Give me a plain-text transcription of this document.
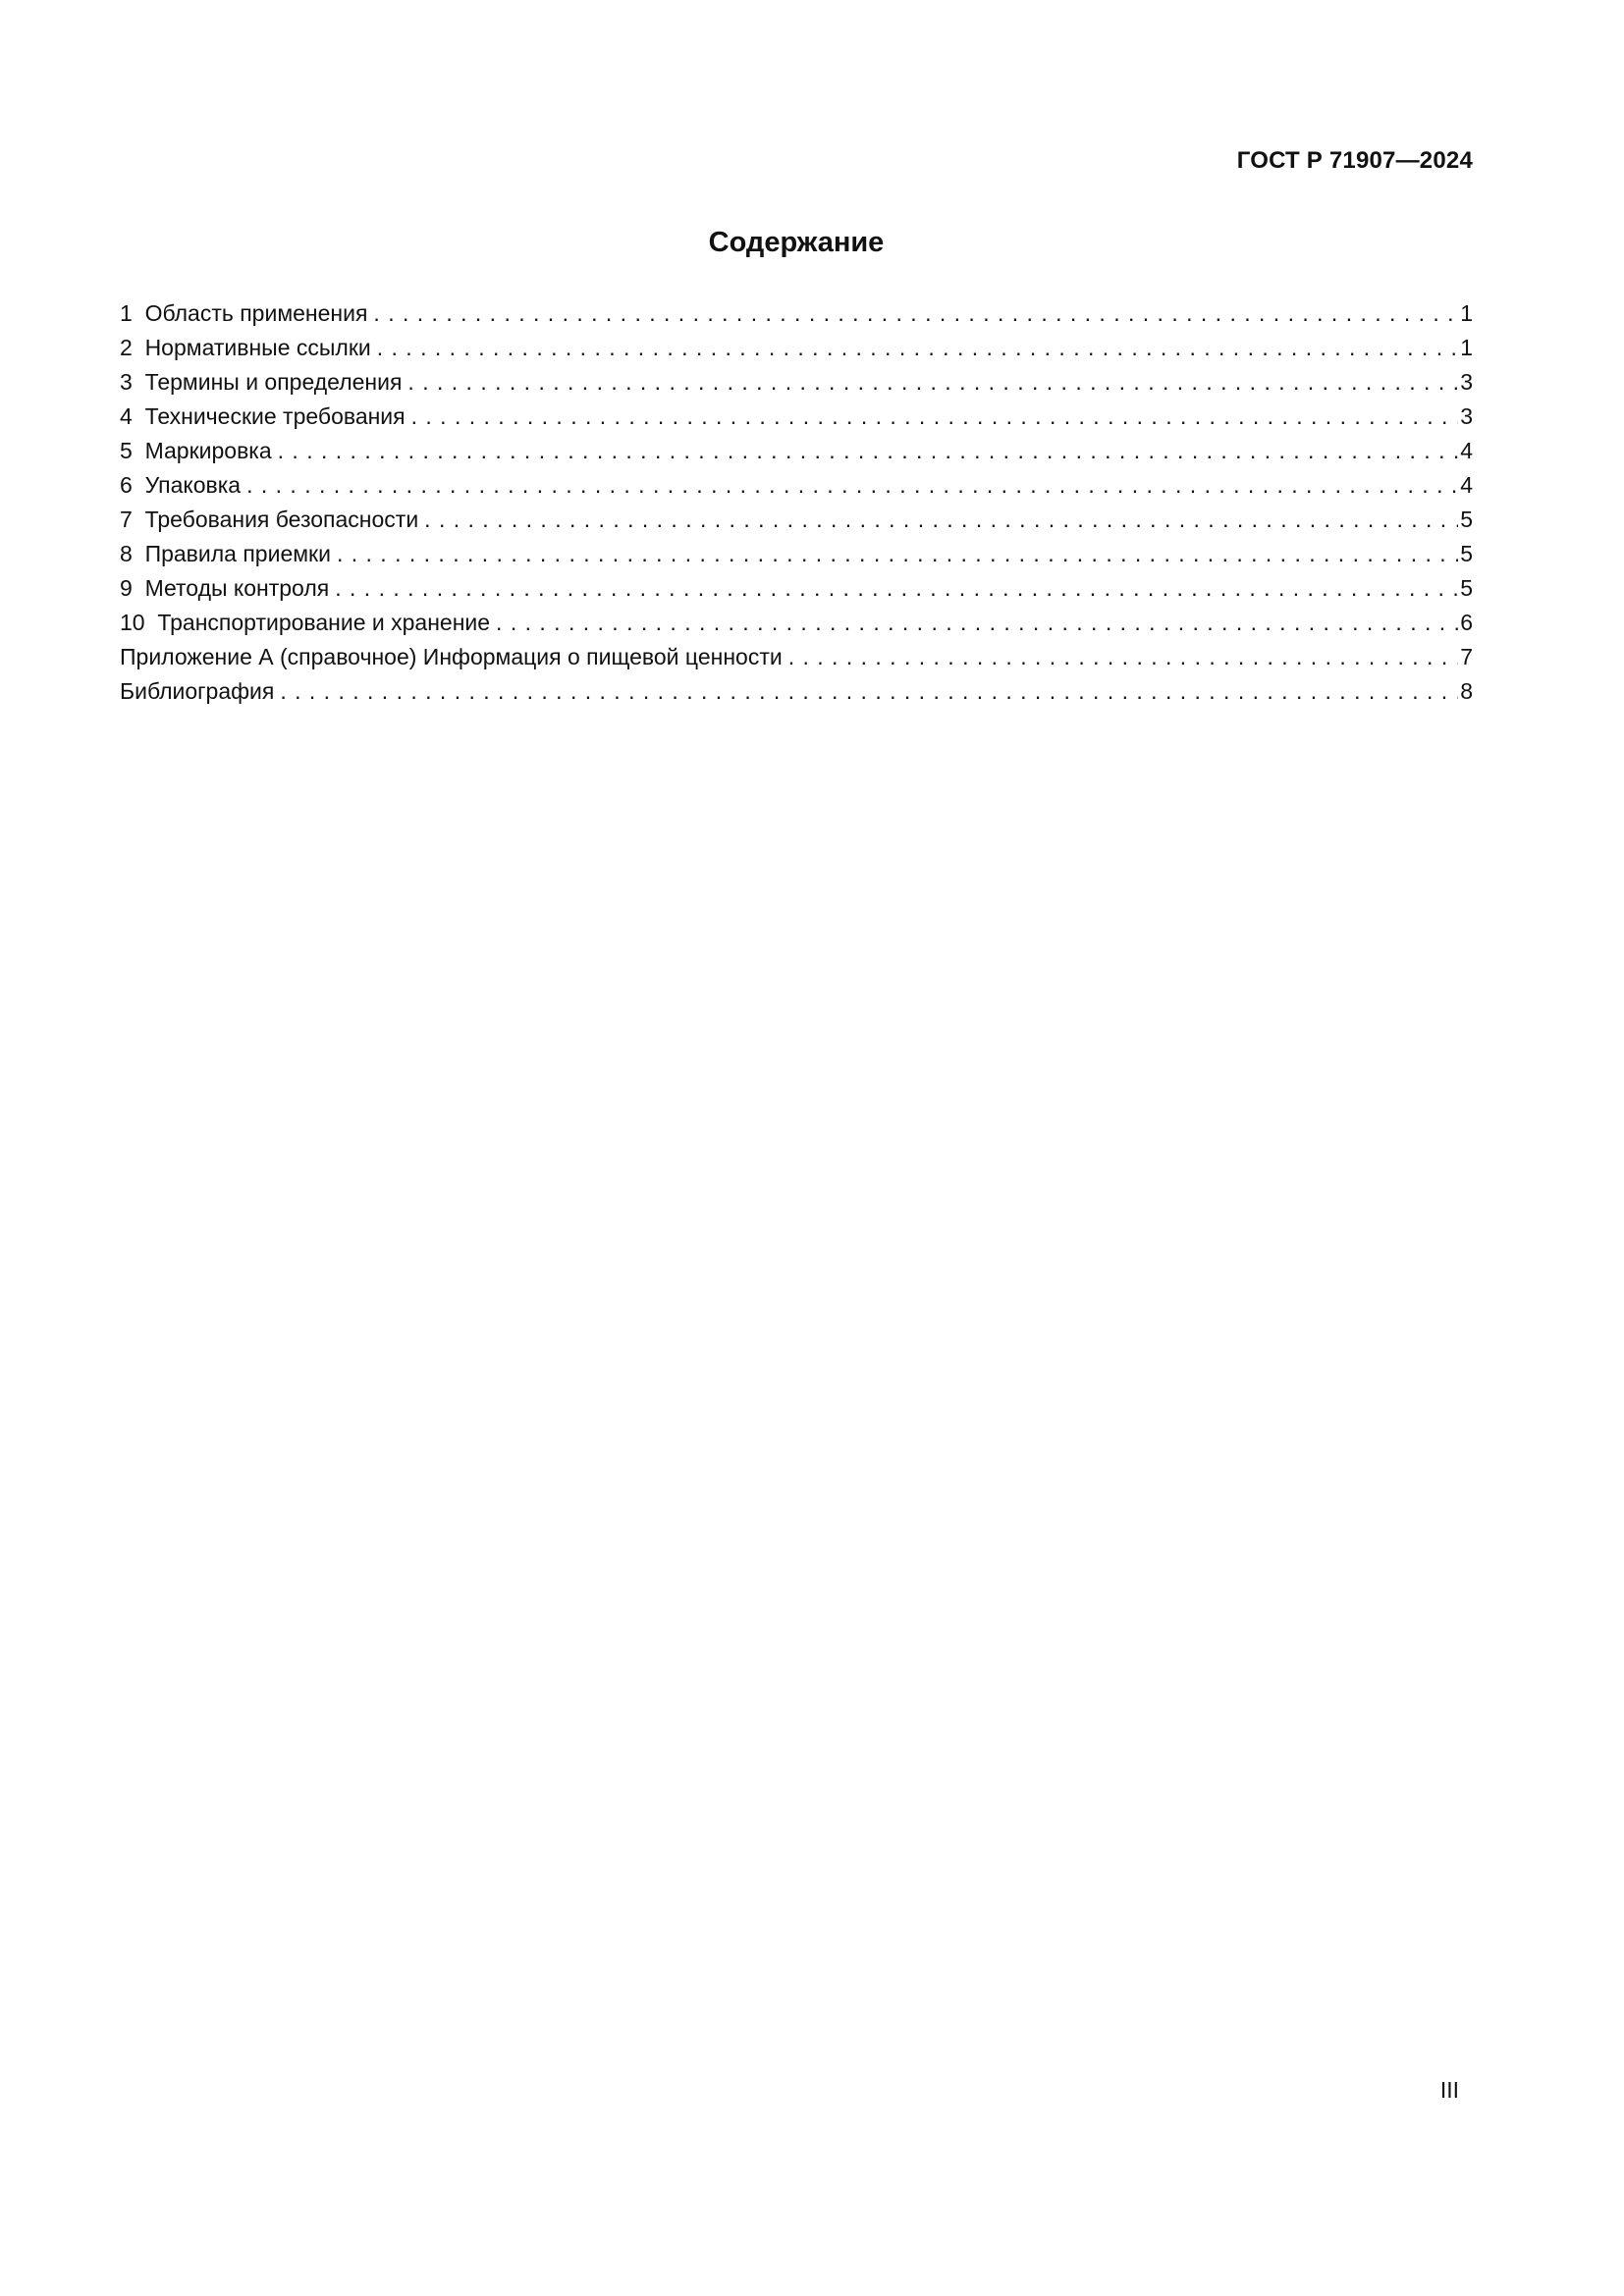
ГОСТ Р 71907—2024
Содержание
1  Область применения . . .	1
2  Нормативные ссылки . . .	1
3  Термины и определения . . .	3
4  Технические требования . . .	3
5  Маркировка . . .	4
6  Упаковка . . .	4
7  Требования безопасности . . .	5
8  Правила приемки . . .	5
9  Методы контроля . . .	5
10  Транспортирование и хранение . . .	6
Приложение А (справочное) Информация о пищевой ценности . . .	7
Библиография . . .	8
III
